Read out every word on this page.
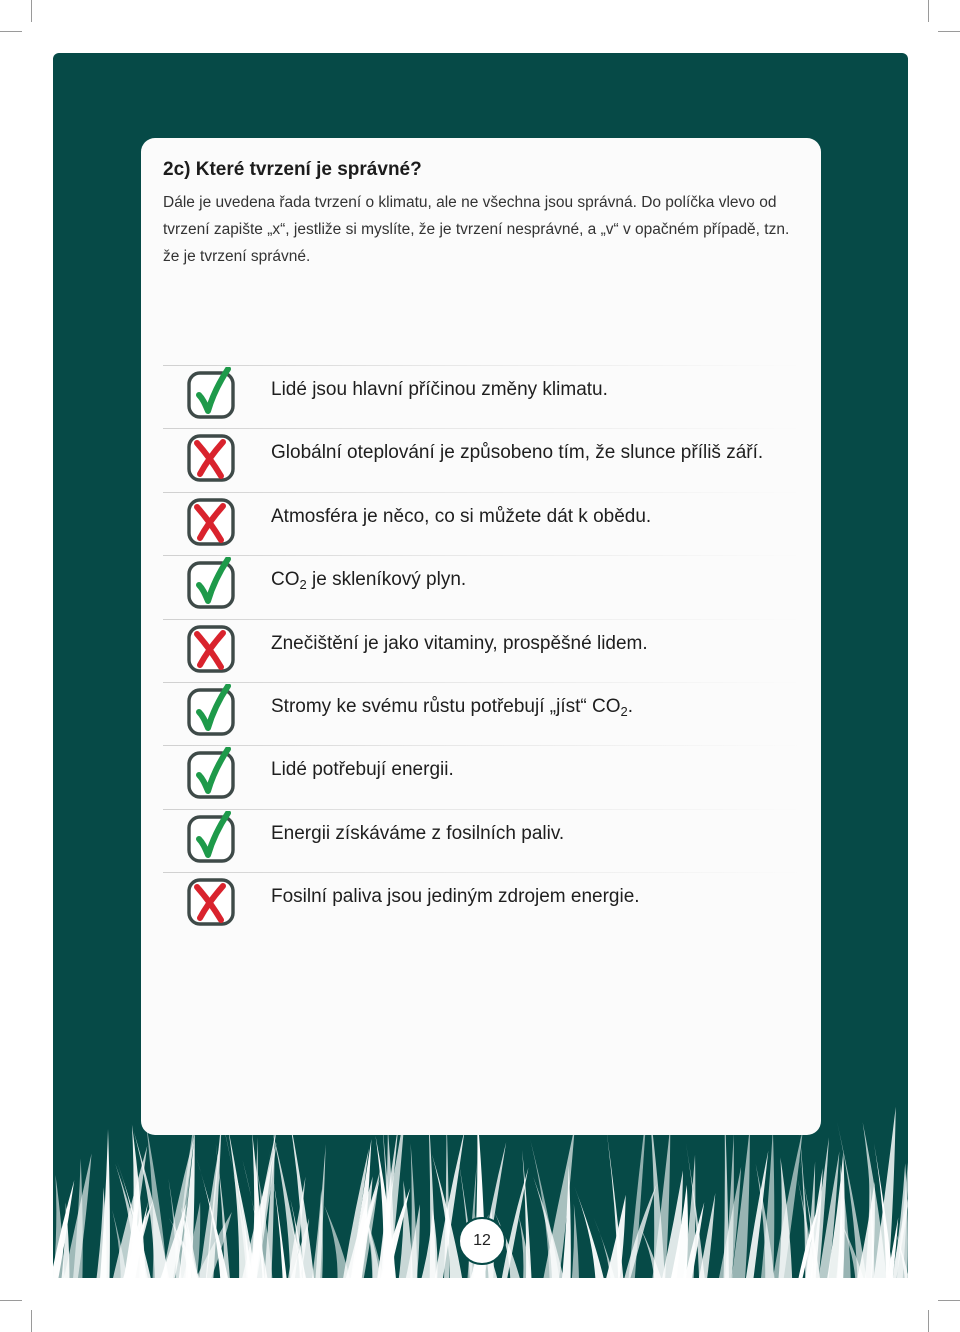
2c) Které tvrzení je správné?

Dále je uvedena řada tvrzení o klimatu, ale ne všechna jsou správná. Do políčka vlevo od tvrzení zapište „x“, jestliže si myslíte, že je tvrzení nesprávné, a „v“ v opačném případě, tzn. že je tvrzení správné.

Lidé jsou hlavní příčinou změny klimatu.

Globální oteplování je způsobeno tím, že slunce příliš září.

Atmosféra je něco, co si můžete dát k obědu.

$CO_2$ je skleníkový plyn.

Znečištění je jako vitaminy, prospěšné lidem.

Stromy ke svému růstu potřebují „jíst“ $CO_2$.

Lidé potřebují energii.

Energii získáváme z fosilních paliv.

Fosilní paliva jsou jediným zdrojem energie.

12
